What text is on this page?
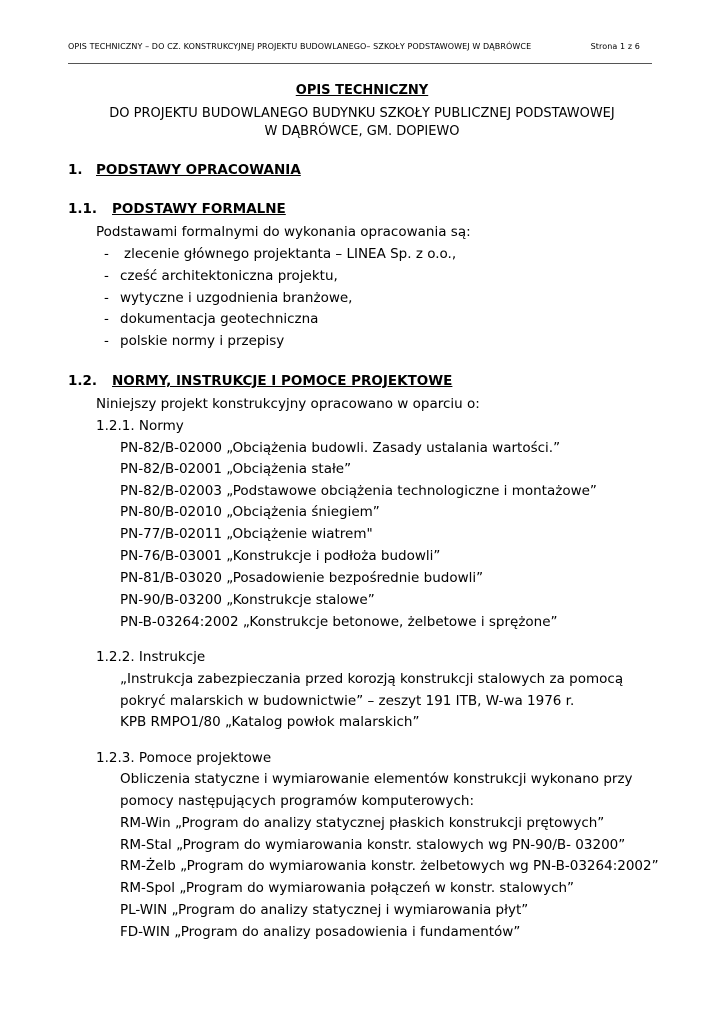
OPIS TECHNICZNY – DO CZ. KONSTRUKCYJNEJ PROJEKTU BUDOWLANEGO– SZKOŁY PODSTAWOWEJ W DĄBRÓWCE	Strona 1 z 6
OPIS TECHNICZNY
DO PROJEKTU BUDOWLANEGO BUDYNKU SZKOŁY PUBLICZNEJ PODSTAWOWEJ
W DĄBRÓWCE, GM. DOPIEWO
1. PODSTAWY OPRACOWANIA
1.1. PODSTAWY FORMALNE
Podstawami formalnymi do wykonania opracowania są:
- zlecenie głównego projektanta – LINEA Sp. z o.o.,
- cześć architektoniczna projektu,
- wytyczne i uzgodnienia branżowe,
- dokumentacja geotechniczna
- polskie normy i przepisy
1.2. NORMY, INSTRUKCJE I POMOCE PROJEKTOWE
Niniejszy projekt konstrukcyjny opracowano w oparciu o:
1.2.1. Normy
PN-82/B-02000 „Obciążenia budowli. Zasady ustalania wartości.”
PN-82/B-02001 „Obciążenia stałe”
PN-82/B-02003 „Podstawowe obciążenia technologiczne i montażowe”
PN-80/B-02010 „Obciążenia śniegiem”
PN-77/B-02011 „Obciążenie wiatrem"
PN-76/B-03001 „Konstrukcje i podłoża budowli”
PN-81/B-03020 „Posadowienie bezpośrednie budowli”
PN-90/B-03200 „Konstrukcje stalowe”
PN-B-03264:2002 „Konstrukcje betonowe, żelbetowe i sprężone”
1.2.2. Instrukcje
„Instrukcja zabezpieczania przed korozją konstrukcji stalowych za pomocą
pokryć malarskich w budownictwie” – zeszyt 191 ITB, W-wa 1976 r.
KPB RMPO1/80 „Katalog powłok malarskich”
1.2.3. Pomoce projektowe
Obliczenia statyczne i wymiarowanie elementów konstrukcji wykonano przy
pomocy następujących programów komputerowych:
RM-Win „Program do analizy statycznej płaskich konstrukcji prętowych”
RM-Stal „Program do wymiarowania konstr. stalowych wg PN-90/B- 03200”
RM-Żelb „Program do wymiarowania konstr. żelbetowych wg PN-B-03264:2002”
RM-Spol „Program do wymiarowania połączeń w konstr. stalowych”
PL-WIN „Program do analizy statycznej i wymiarowania płyt”
FD-WIN „Program do analizy posadowienia i fundamentów”
